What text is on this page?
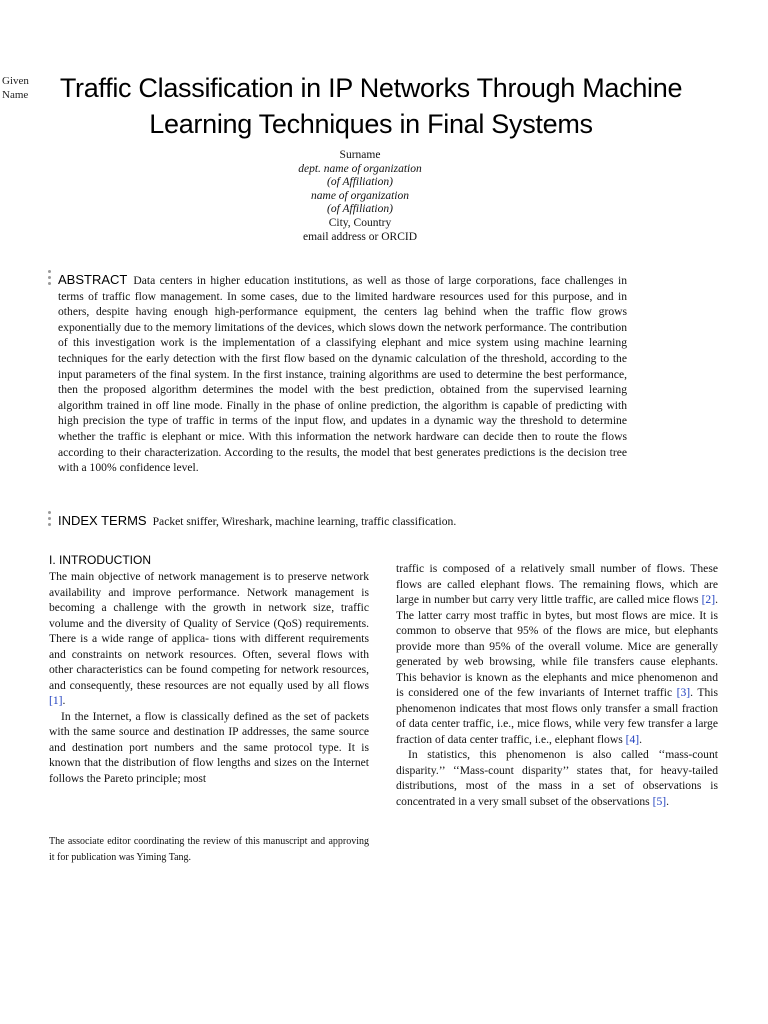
Given Name	Traffic Classification in IP Networks Through Machine Learning Techniques in Final Systems
Surname
dept. name of organization
(of Affiliation)
name of organization
(of Affiliation)
City, Country
email address or ORCID
ABSTRACT Data centers in higher education institutions, as well as those of large corporations, face challenges in terms of traffic flow management. In some cases, due to the limited hardware resources used for this purpose, and in others, despite having enough high-performance equipment, the centers lag behind when the traffic flow grows exponentially due to the memory limitations of the devices, which slows down the network performance. The contribution of this investigation work is the implementation of a classifying elephant and mice system using machine learning techniques for the early detection with the first flow based on the dynamic calculation of the threshold, according to the input parameters of the final system. In the first instance, training algorithms are used to determine the best performance, then the proposed algorithm determines the model with the best prediction, obtained from the supervised learning algorithm trained in off line mode. Finally in the phase of online prediction, the algorithm is capable of predicting with high precision the type of traffic in terms of the input flow, and updates in a dynamic way the threshold to determine whether the traffic is elephant or mice. With this information the network hardware can decide then to route the flows according to their characterization. According to the results, the model that best generates predictions is the decision tree with a 100% confidence level.
INDEX TERMS Packet sniffer, Wireshark, machine learning, traffic classification.
I. INTRODUCTION

The main objective of network management is to preserve network availability and improve performance. Network management is becoming a challenge with the growth in network size, traffic volume and the diversity of Quality of Service (QoS) requirements. There is a wide range of applica- tions with different requirements and constraints on network resources. Often, several flows with other characteristics can be found competing for network resources, and consequently, these resources are not equally used by all flows [1].

In the Internet, a flow is classically defined as the set of packets with the same source and destination IP addresses, the same source and destination port numbers and the same protocol type. It is known that the distribution of flow lengths and sizes on the Internet follows the Pareto principle; most

The associate editor coordinating the review of this manuscript and approving it for publication was Yiming Tang.

traffic is composed of a relatively small number of flows. These flows are called elephant flows. The remaining flows, which are large in number but carry very little traffic, are called mice flows [2]. The latter carry most traffic in bytes, but most flows are mice. It is common to observe that 95% of the flows are mice, but elephants provide more than 95% of the overall volume. Mice are generally generated by web browsing, while file transfers cause elephants. This behavior is known as the elephants and mice phenomenon and is considered one of the few invariants of Internet traffic [3]. This phenomenon indicates that most flows only transfer a small fraction of data center traffic, i.e., mice flows, while very few transfer a large fraction of data center traffic, i.e., elephant flows [4].

In statistics, this phenomenon is also called ‘‘mass-count disparity.’’ ‘‘Mass-count disparity’’ states that, for heavy-tailed distributions, most of the mass in a set of observations is concentrated in a very small subset of the observations [5].
